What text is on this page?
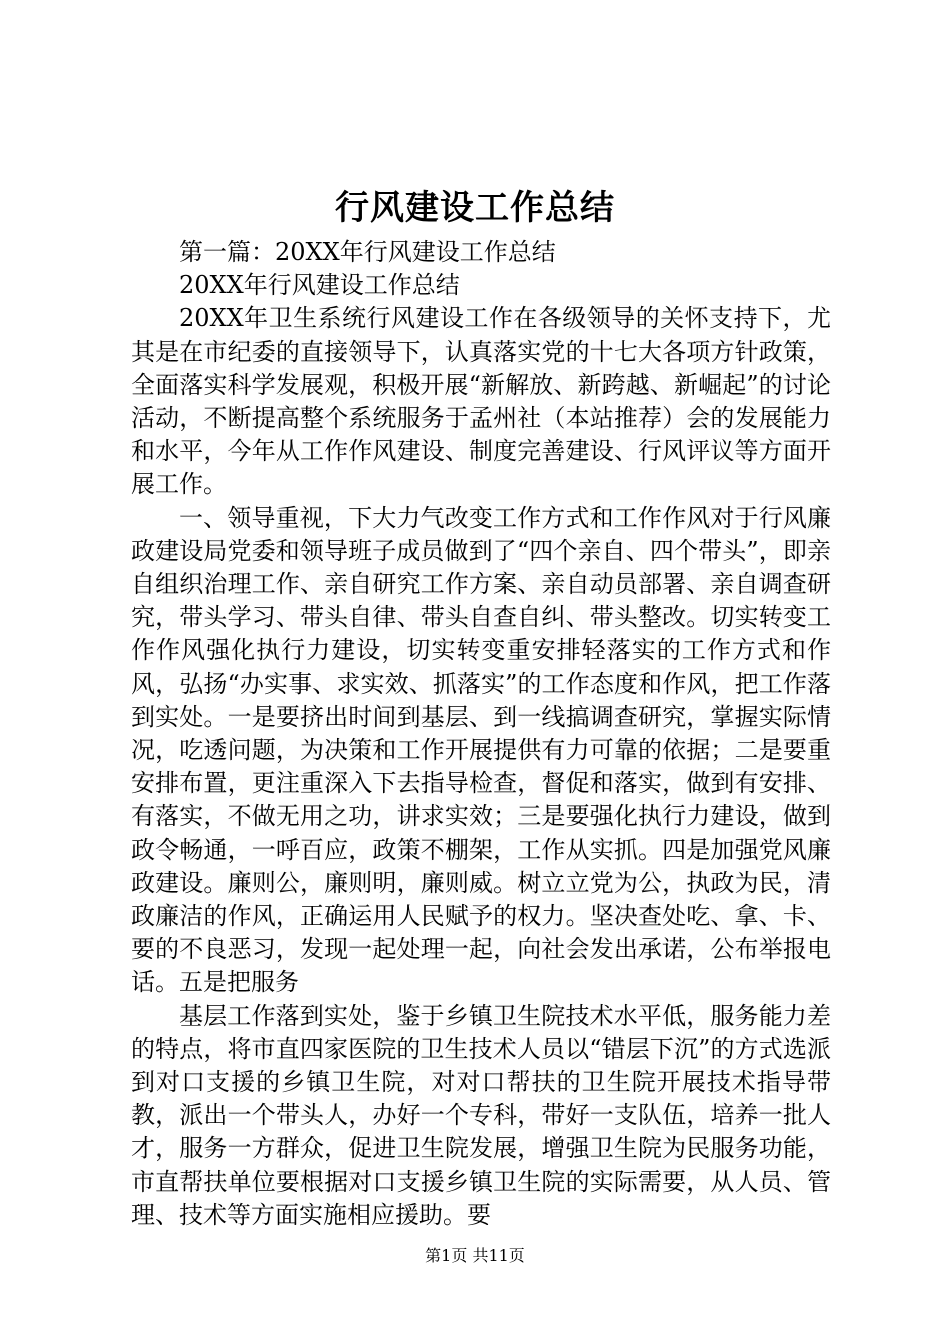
行风建设工作总结

第一篇：20XX年行风建设工作总结

20XX年行风建设工作总结

20XX年卫生系统行风建设工作在各级领导的关怀支持下，尤其是在市纪委的直接领导下，认真落实党的十七大各项方针政策，全面落实科学发展观，积极开展“新解放、新跨越、新崛起”的讨论活动，不断提高整个系统服务于孟州社（本站推荐）会的发展能力和水平，今年从工作作风建设、制度完善建设、行风评议等方面开展工作。

一、领导重视，下大力气改变工作方式和工作作风对于行风廉政建设局党委和领导班子成员做到了“四个亲自、四个带头”，即亲自组织治理工作、亲自研究工作方案、亲自动员部署、亲自调查研究，带头学习、带头自律、带头自查自纠、带头整改。切实转变工作作风强化执行力建设，切实转变重安排轻落实的工作方式和作风，弘扬“办实事、求实效、抓落实”的工作态度和作风，把工作落到实处。一是要挤出时间到基层、到一线搞调查研究，掌握实际情况，吃透问题，为决策和工作开展提供有力可靠的依据；二是要重安排布置，更注重深入下去指导检查，督促和落实，做到有安排、有落实，不做无用之功，讲求实效；三是要强化执行力建设，做到政令畅通，一呼百应，政策不棚架，工作从实抓。四是加强党风廉政建设。廉则公，廉则明，廉则威。树立立党为公，执政为民，清政廉洁的作风，正确运用人民赋予的权力。坚决查处吃、拿、卡、要的不良恶习，发现一起处理一起，向社会发出承诺，公布举报电话。五是把服务

基层工作落到实处，鉴于乡镇卫生院技术水平低，服务能力差的特点，将市直四家医院的卫生技术人员以“错层下沉”的方式选派到对口支援的乡镇卫生院，对对口帮扶的卫生院开展技术指导带教，派出一个带头人，办好一个专科，带好一支队伍，培养一批人才，服务一方群众，促进卫生院发展，增强卫生院为民服务功能，市直帮扶单位要根据对口支援乡镇卫生院的实际需要，从人员、管理、技术等方面实施相应援助。要

第1页 共11页
